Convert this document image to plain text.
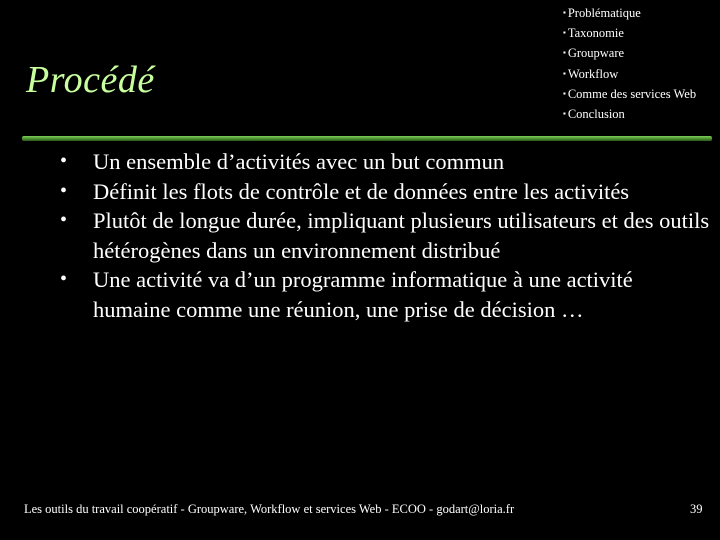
Procédé
▪ Problématique
▪ Taxonomie
▪ Groupware
▪ Workflow
▪ Comme des services Web
▪ Conclusion
• Un ensemble d’activités avec un but commun
• Définit les flots de contrôle et de données entre les activités
• Plutôt de longue durée, impliquant plusieurs utilisateurs et des outils hétérogènes dans un environnement distribué
• Une activité va d’un programme informatique à une activité humaine comme une réunion, une prise de décision …
Les outils du travail coopératif - Groupware, Workflow et services Web - ECOO - godart@loria.fr	39
